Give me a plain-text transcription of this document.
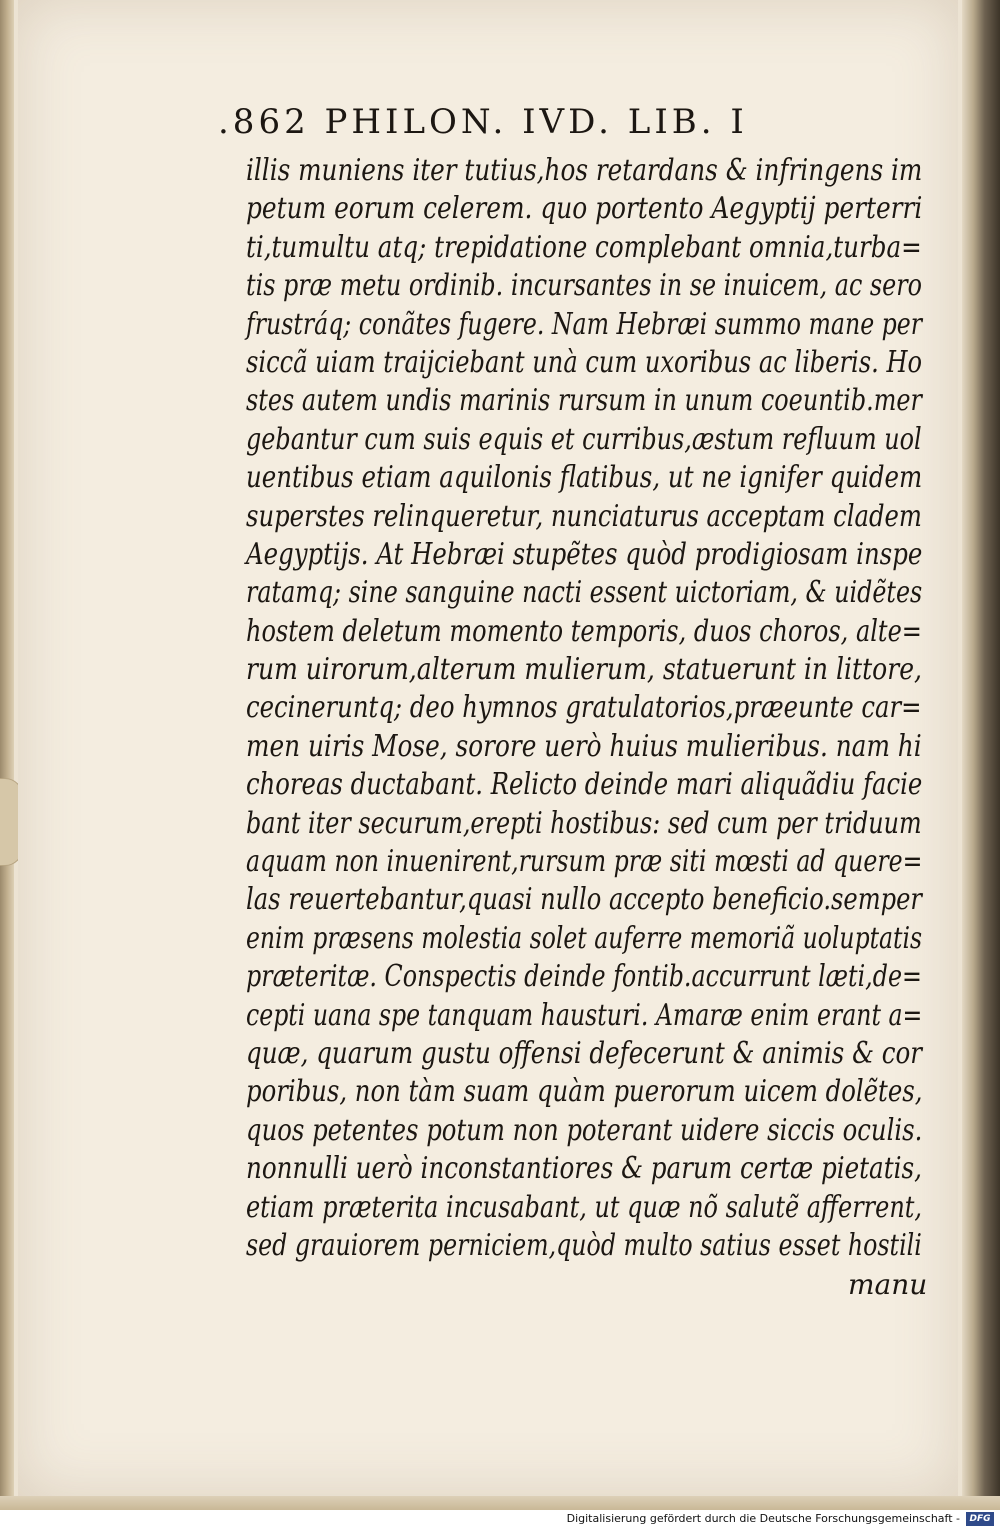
.862 PHILON. IVD. LIB. I
illis muniens iter tutius,hos retardans & infringens im
petum eorum celerem. quo portento Aegyptij perterri
ti,tumultu atq; trepidatione complebant omnia,turba=
tis præ metu ordinib. incursantes in se inuicem, ac sero
frustráq; conãtes fugere. Nam Hebræi summo mane per
siccã uiam traijciebant unà cum uxoribus ac liberis. Ho
stes autem undis marinis rursum in unum coeuntib.mer
gebantur cum suis equis et curribus,æstum refluum uol
uentibus etiam aquilonis flatibus, ut ne ignifer quidem
superstes relinqueretur, nunciaturus acceptam cladem
Aegyptijs. At Hebræi stupẽtes quòd prodigiosam inspe
ratamq; sine sanguine nacti essent uictoriam, & uidẽtes
hostem deletum momento temporis, duos choros, alte=
rum uirorum,alterum mulierum, statuerunt in littore,
cecineruntq; deo hymnos gratulatorios,præeunte car=
men uiris Mose, sorore uerò huius mulieribus. nam hi
choreas ductabant. Relicto deinde mari aliquãdiu facie
bant iter securum,erepti hostibus: sed cum per triduum
aquam non inuenirent,rursum præ siti mœsti ad quere=
las reuertebantur,quasi nullo accepto beneficio.semper
enim præsens molestia solet auferre memoriã uoluptatis
præteritæ. Conspectis deinde fontib.accurrunt læti,de=
cepti uana spe tanquam hausturi. Amaræ enim erant a=
quæ, quarum gustu offensi defecerunt & animis & cor
poribus, non tàm suam quàm puerorum uicem dolẽtes,
quos petentes potum non poterant uidere siccis oculis.
nonnulli uerò inconstantiores & parum certæ pietatis,
etiam præterita incusabant, ut quæ nõ salutẽ afferrent,
sed grauiorem perniciem,quòd multo satius esset hostili
manu
Digitalisierung gefördert durch die Deutsche Forschungsgemeinschaft -	DFG
